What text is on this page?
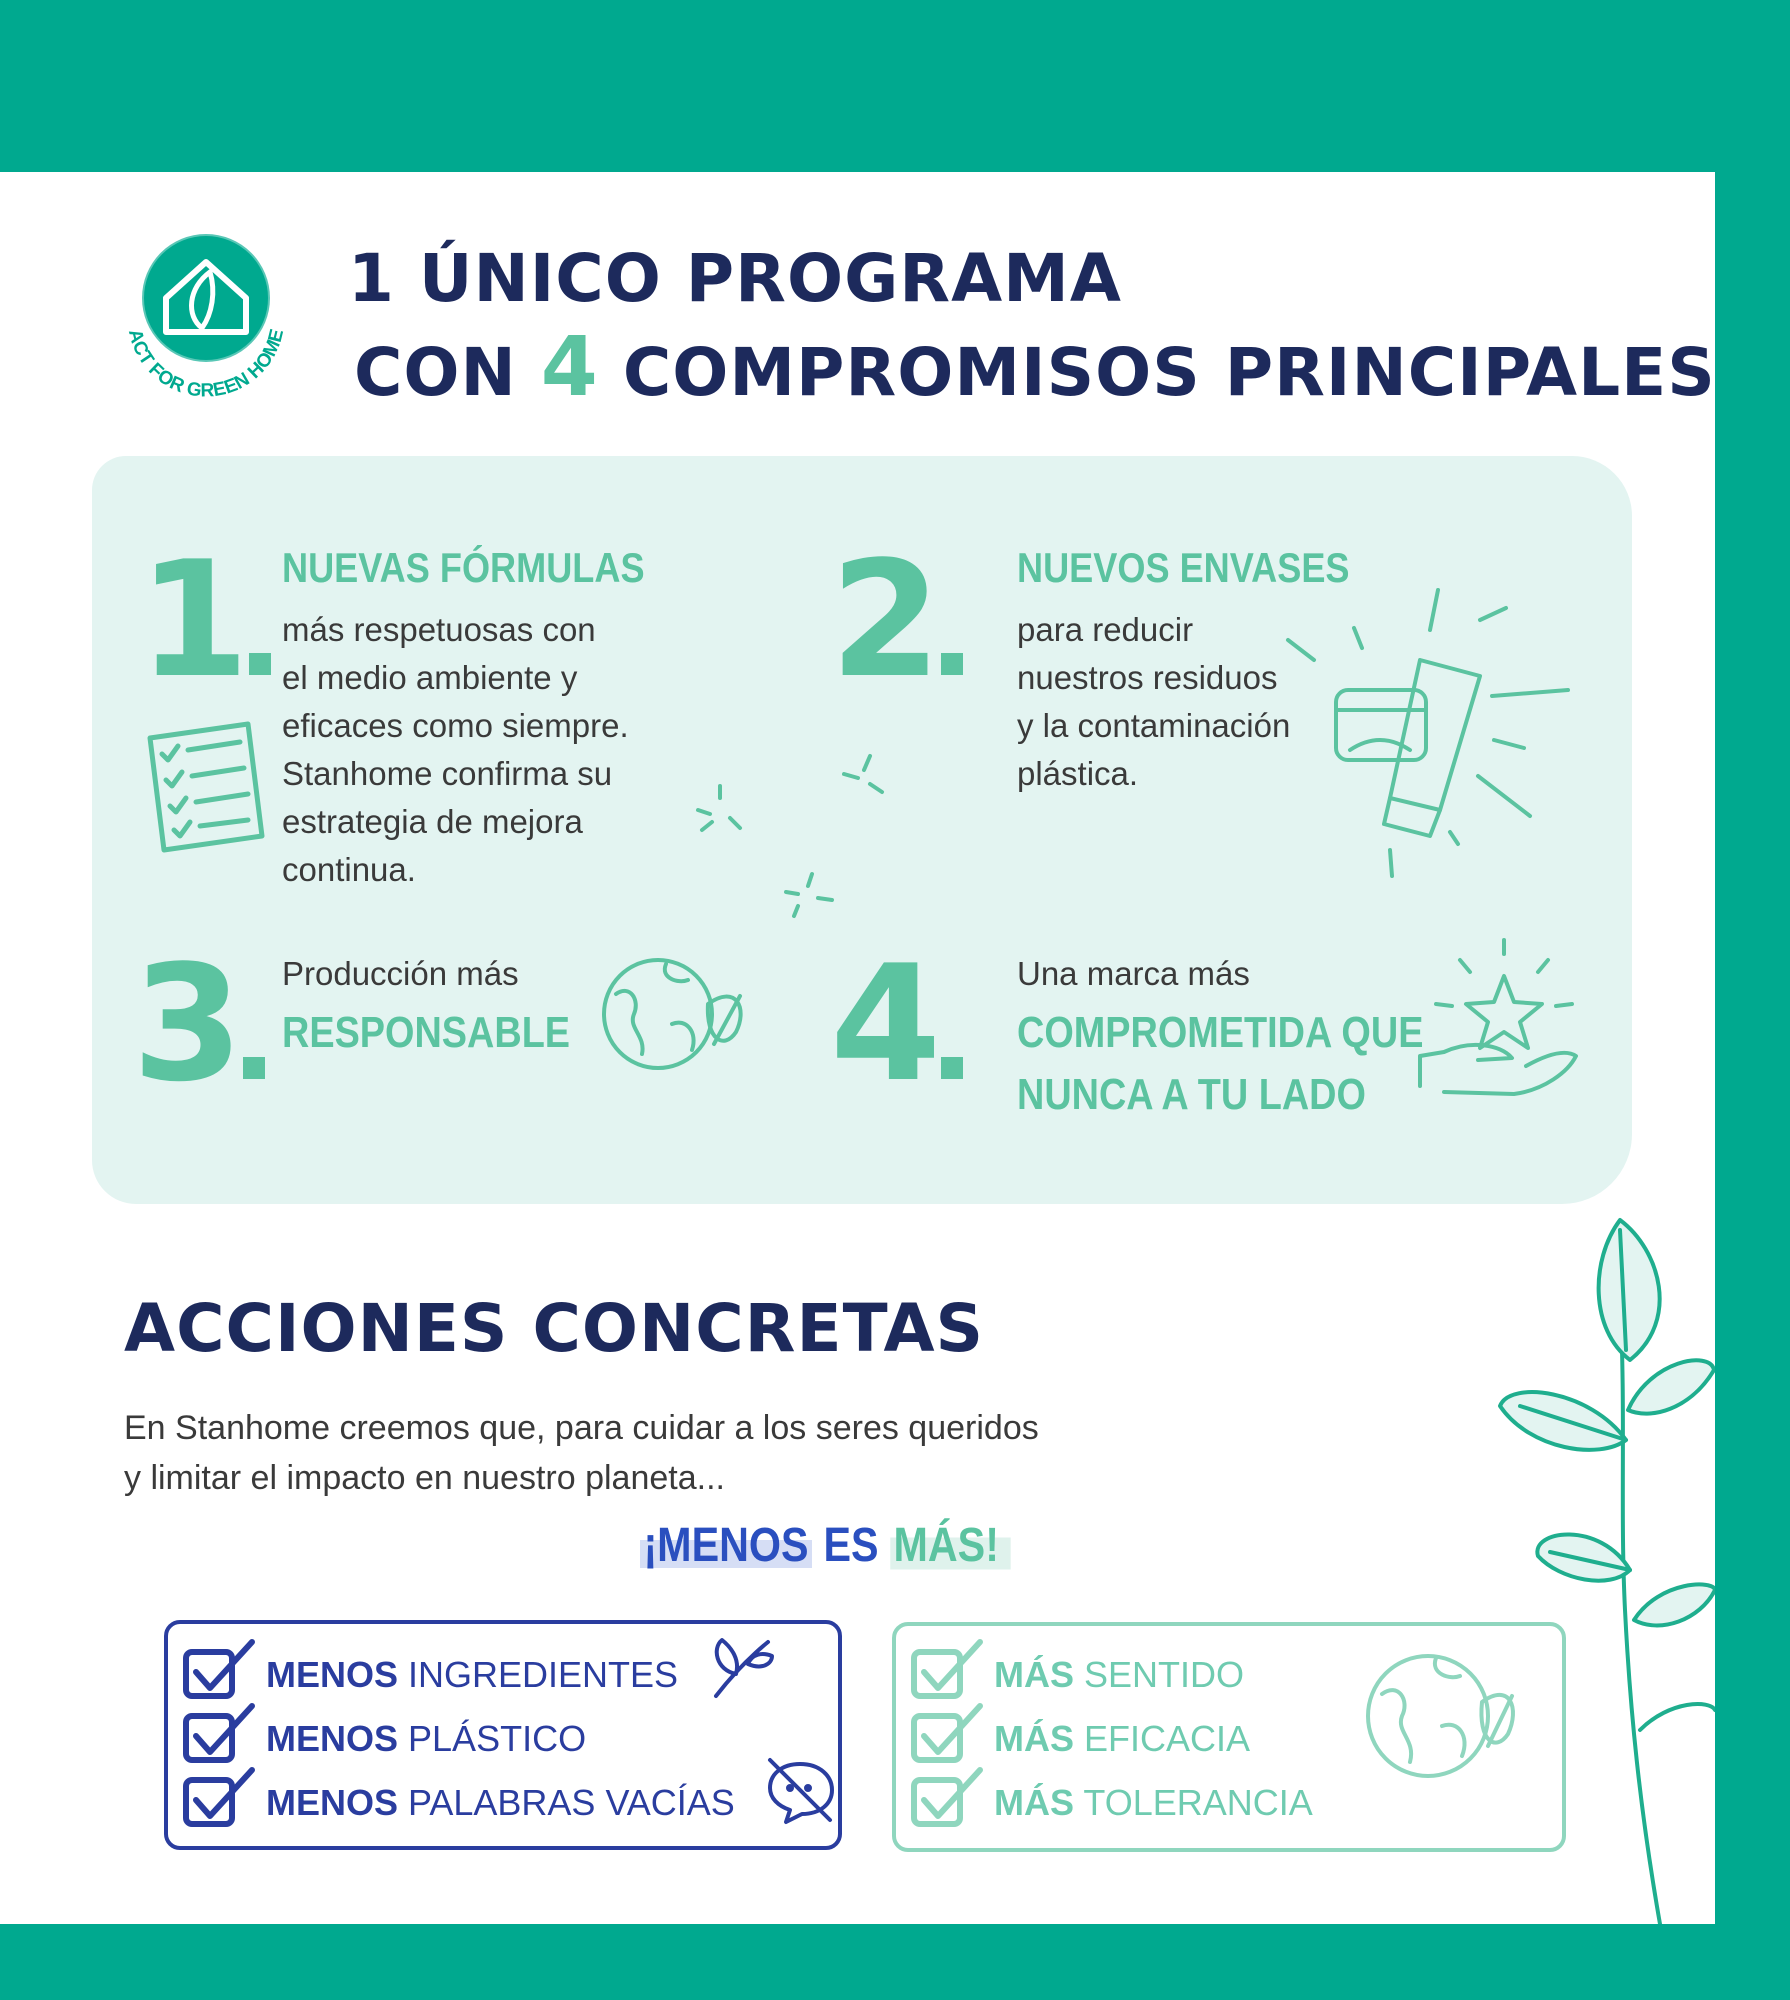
ACT FOR GREEN HOME
1 ÚNICO PROGRAMA
CON 4 COMPROMISOS PRINCIPALES
1 NUEVAS FÓRMULAS
más respetuosas con
el medio ambiente y
eficaces como siempre.
Stanhome confirma su
estrategia de mejora
continua.
2	NUEVOS ENVASES
para reducir
nuestros residuos
y la contaminación
plástica.
3	Producción más
RESPONSABLE 4	Una marca más
COMPROMETIDA QUE
NUNCA A TU LADO
ACCIONES CONCRETAS
En Stanhome creemos que, para cuidar a los seres queridos
y limitar el impacto en nuestro planeta...
¡MENOS ES MÁS!
MENOS INGREDIENTES
MENOS PLÁSTICO
MENOS PALABRAS VACÍAS
MÁS SENTIDO
MÁS EFICACIA
MÁS TOLERANCIA
